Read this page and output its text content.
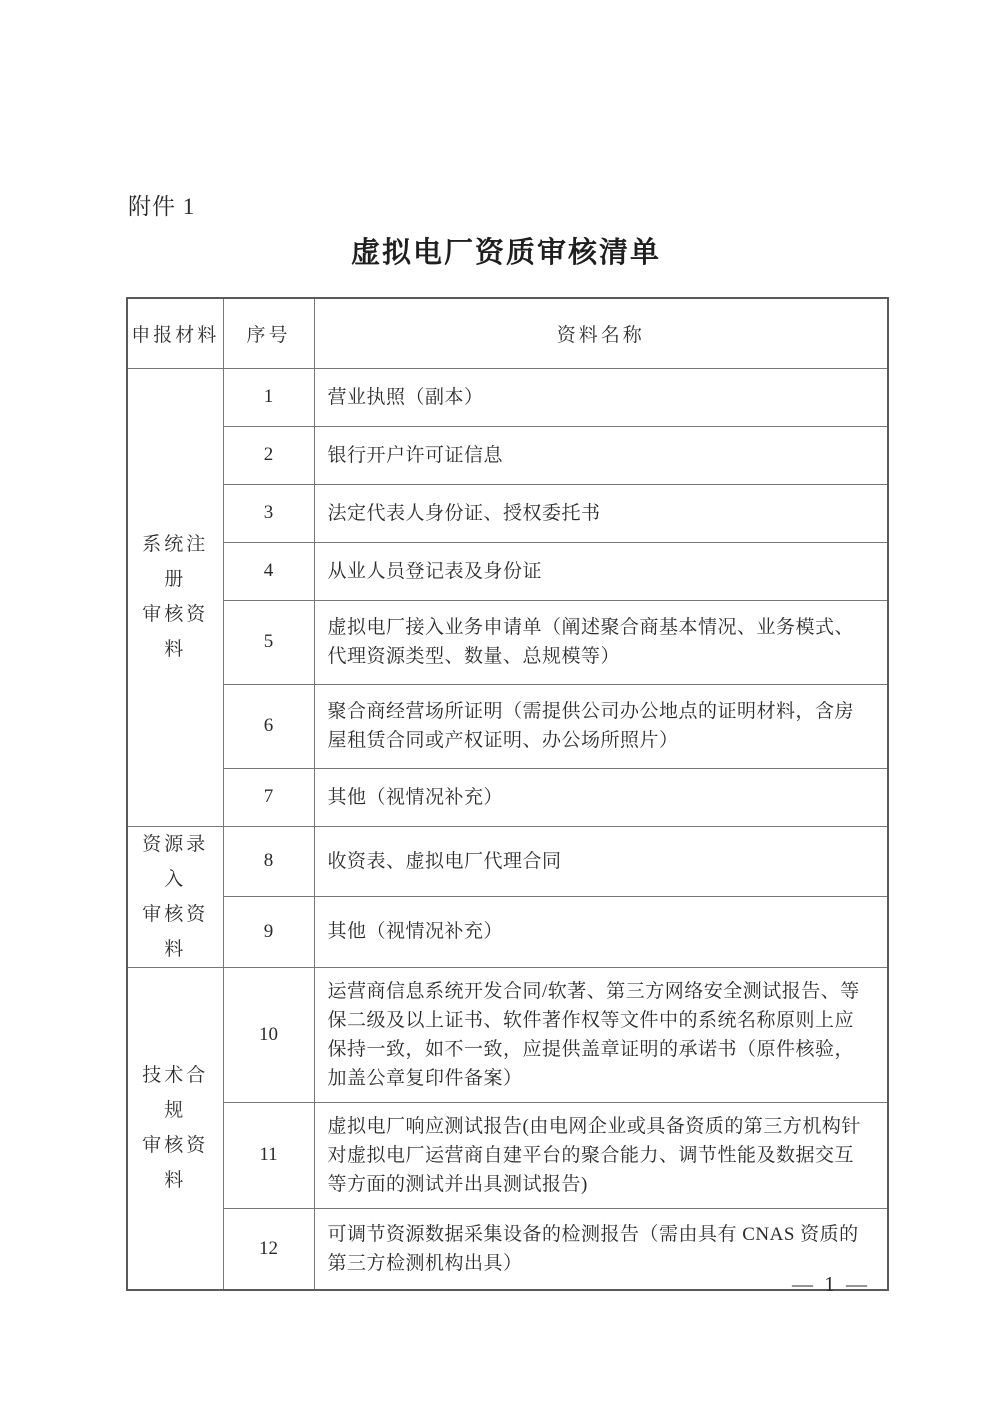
附件 1
虚拟电厂资质审核清单
申报材料	序号	资料名称

系统注册
审核资料	1	营业执照（副本）
	2	银行开户许可证信息
	3	法定代表人身份证、授权委托书
	4	从业人员登记表及身份证
	5	虚拟电厂接入业务申请单（阐述聚合商基本情况、业务模式、代理资源类型、数量、总规模等）
	6	聚合商经营场所证明（需提供公司办公地点的证明材料，含房屋租赁合同或产权证明、办公场所照片）
	7	其他（视情况补充）

资源录入
审核资料	8	收资表、虚拟电厂代理合同
	9	其他（视情况补充）

技术合规
审核资料	10	运营商信息系统开发合同/软著、第三方网络安全测试报告、等保二级及以上证书、软件著作权等文件中的系统名称原则上应保持一致，如不一致，应提供盖章证明的承诺书（原件核验，加盖公章复印件备案）
	11	虚拟电厂响应测试报告(由电网企业或具备资质的第三方机构针对虚拟电厂运营商自建平台的聚合能力、调节性能及数据交互等方面的测试并出具测试报告)
	12	可调节资源数据采集设备的检测报告（需由具有 CNAS 资质的第三方检测机构出具）
— 1 —
